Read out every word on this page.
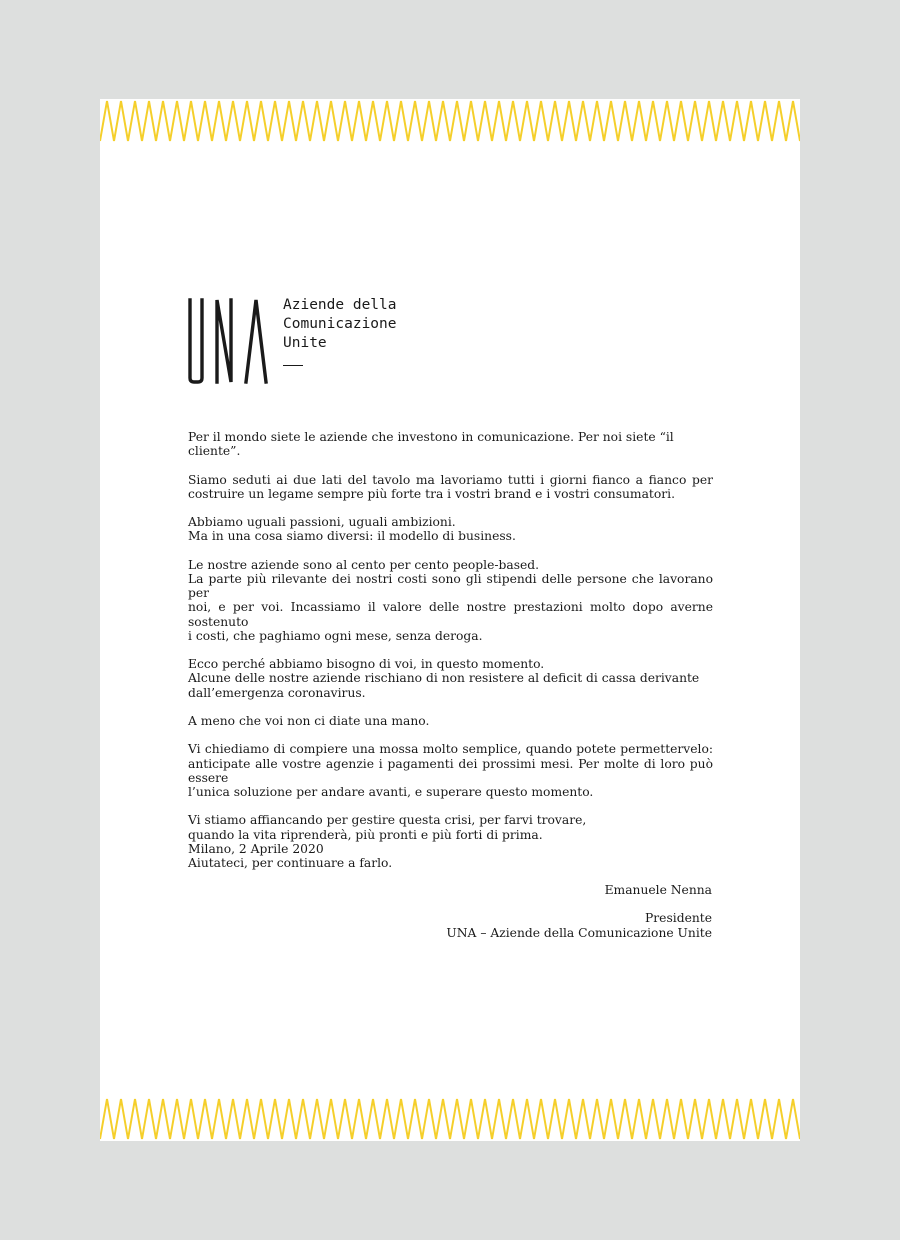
Aziende della
Comunicazione
Unite

Per il mondo siete le aziende che investono in comunicazione. Per noi siete “il cliente”.

Siamo seduti ai due lati del tavolo ma lavoriamo tutti i giorni fianco a fianco per
costruire un legame sempre più forte tra i vostri brand e i vostri consumatori.

Abbiamo uguali passioni, uguali ambizioni.
Ma in una cosa siamo diversi: il modello di business.

Le nostre aziende sono al cento per cento people-based.
La parte più rilevante dei nostri costi sono gli stipendi delle persone che lavorano per
noi, e per voi. Incassiamo il valore delle nostre prestazioni molto dopo averne sostenuto
i costi, che paghiamo ogni mese, senza deroga.

Ecco perché abbiamo bisogno di voi, in questo momento.
Alcune delle nostre aziende rischiano di non resistere al deficit di cassa derivante
dall’emergenza coronavirus.

A meno che voi non ci diate una mano.

Vi chiediamo di compiere una mossa molto semplice, quando potete permettervelo:
anticipate alle vostre agenzie i pagamenti dei prossimi mesi. Per molte di loro può essere
l’unica soluzione per andare avanti, e superare questo momento.

Vi stiamo affiancando per gestire questa crisi, per farvi trovare,
quando la vita riprenderà, più pronti e più forti di prima.

Aiutateci, per continuare a farlo.

Milano, 2 Aprile 2020
Emanuele Nenna
Presidente
UNA – Aziende della Comunicazione Unite
